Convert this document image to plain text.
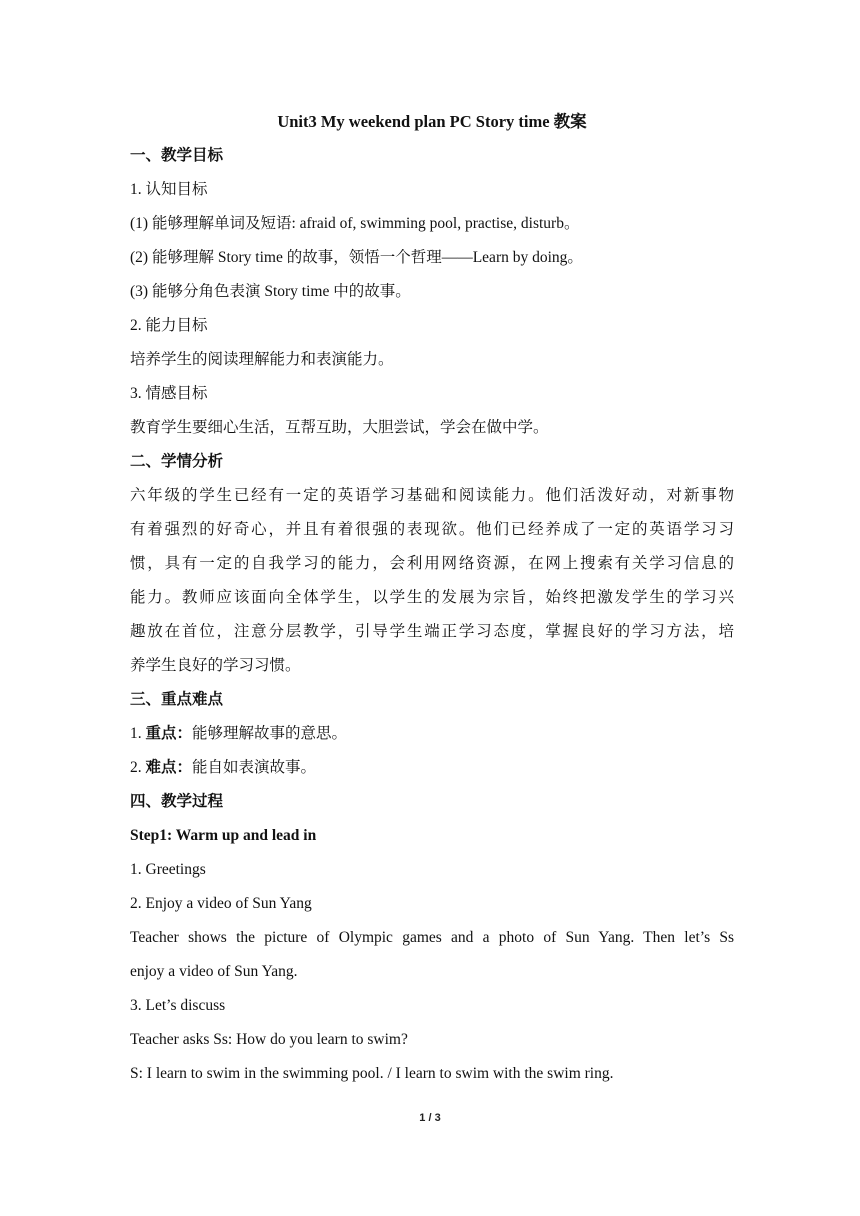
Unit3 My weekend plan PC Story time 教案
一、教学目标
1. 认知目标
(1) 能够理解单词及短语: afraid of, swimming pool, practise, disturb。
(2) 能够理解 Story time 的故事，领悟一个哲理——Learn by doing。
(3) 能够分角色表演 Story time 中的故事。
2. 能力目标
培养学生的阅读理解能力和表演能力。
3. 情感目标
教育学生要细心生活，互帮互助，大胆尝试，学会在做中学。
二、学情分析
六年级的学生已经有一定的英语学习基础和阅读能力。他们活泼好动，对新事物
有着强烈的好奇心，并且有着很强的表现欲。他们已经养成了一定的英语学习习
惯，具有一定的自我学习的能力，会利用网络资源，在网上搜索有关学习信息的
能力。教师应该面向全体学生，以学生的发展为宗旨，始终把激发学生的学习兴
趣放在首位，注意分层教学，引导学生端正学习态度，掌握良好的学习方法，培
养学生良好的学习习惯。
三、重点难点
1. 重点：能够理解故事的意思。
2. 难点：能自如表演故事。
四、教学过程
Step1: Warm up and lead in
1. Greetings
2. Enjoy a video of Sun Yang
Teacher shows the picture of Olympic games and a photo of Sun Yang. Then let’s Ss
enjoy a video of Sun Yang.
3. Let’s discuss
Teacher asks Ss: How do you learn to swim?
S: I learn to swim in the swimming pool. / I learn to swim with the swim ring.
1 / 3
